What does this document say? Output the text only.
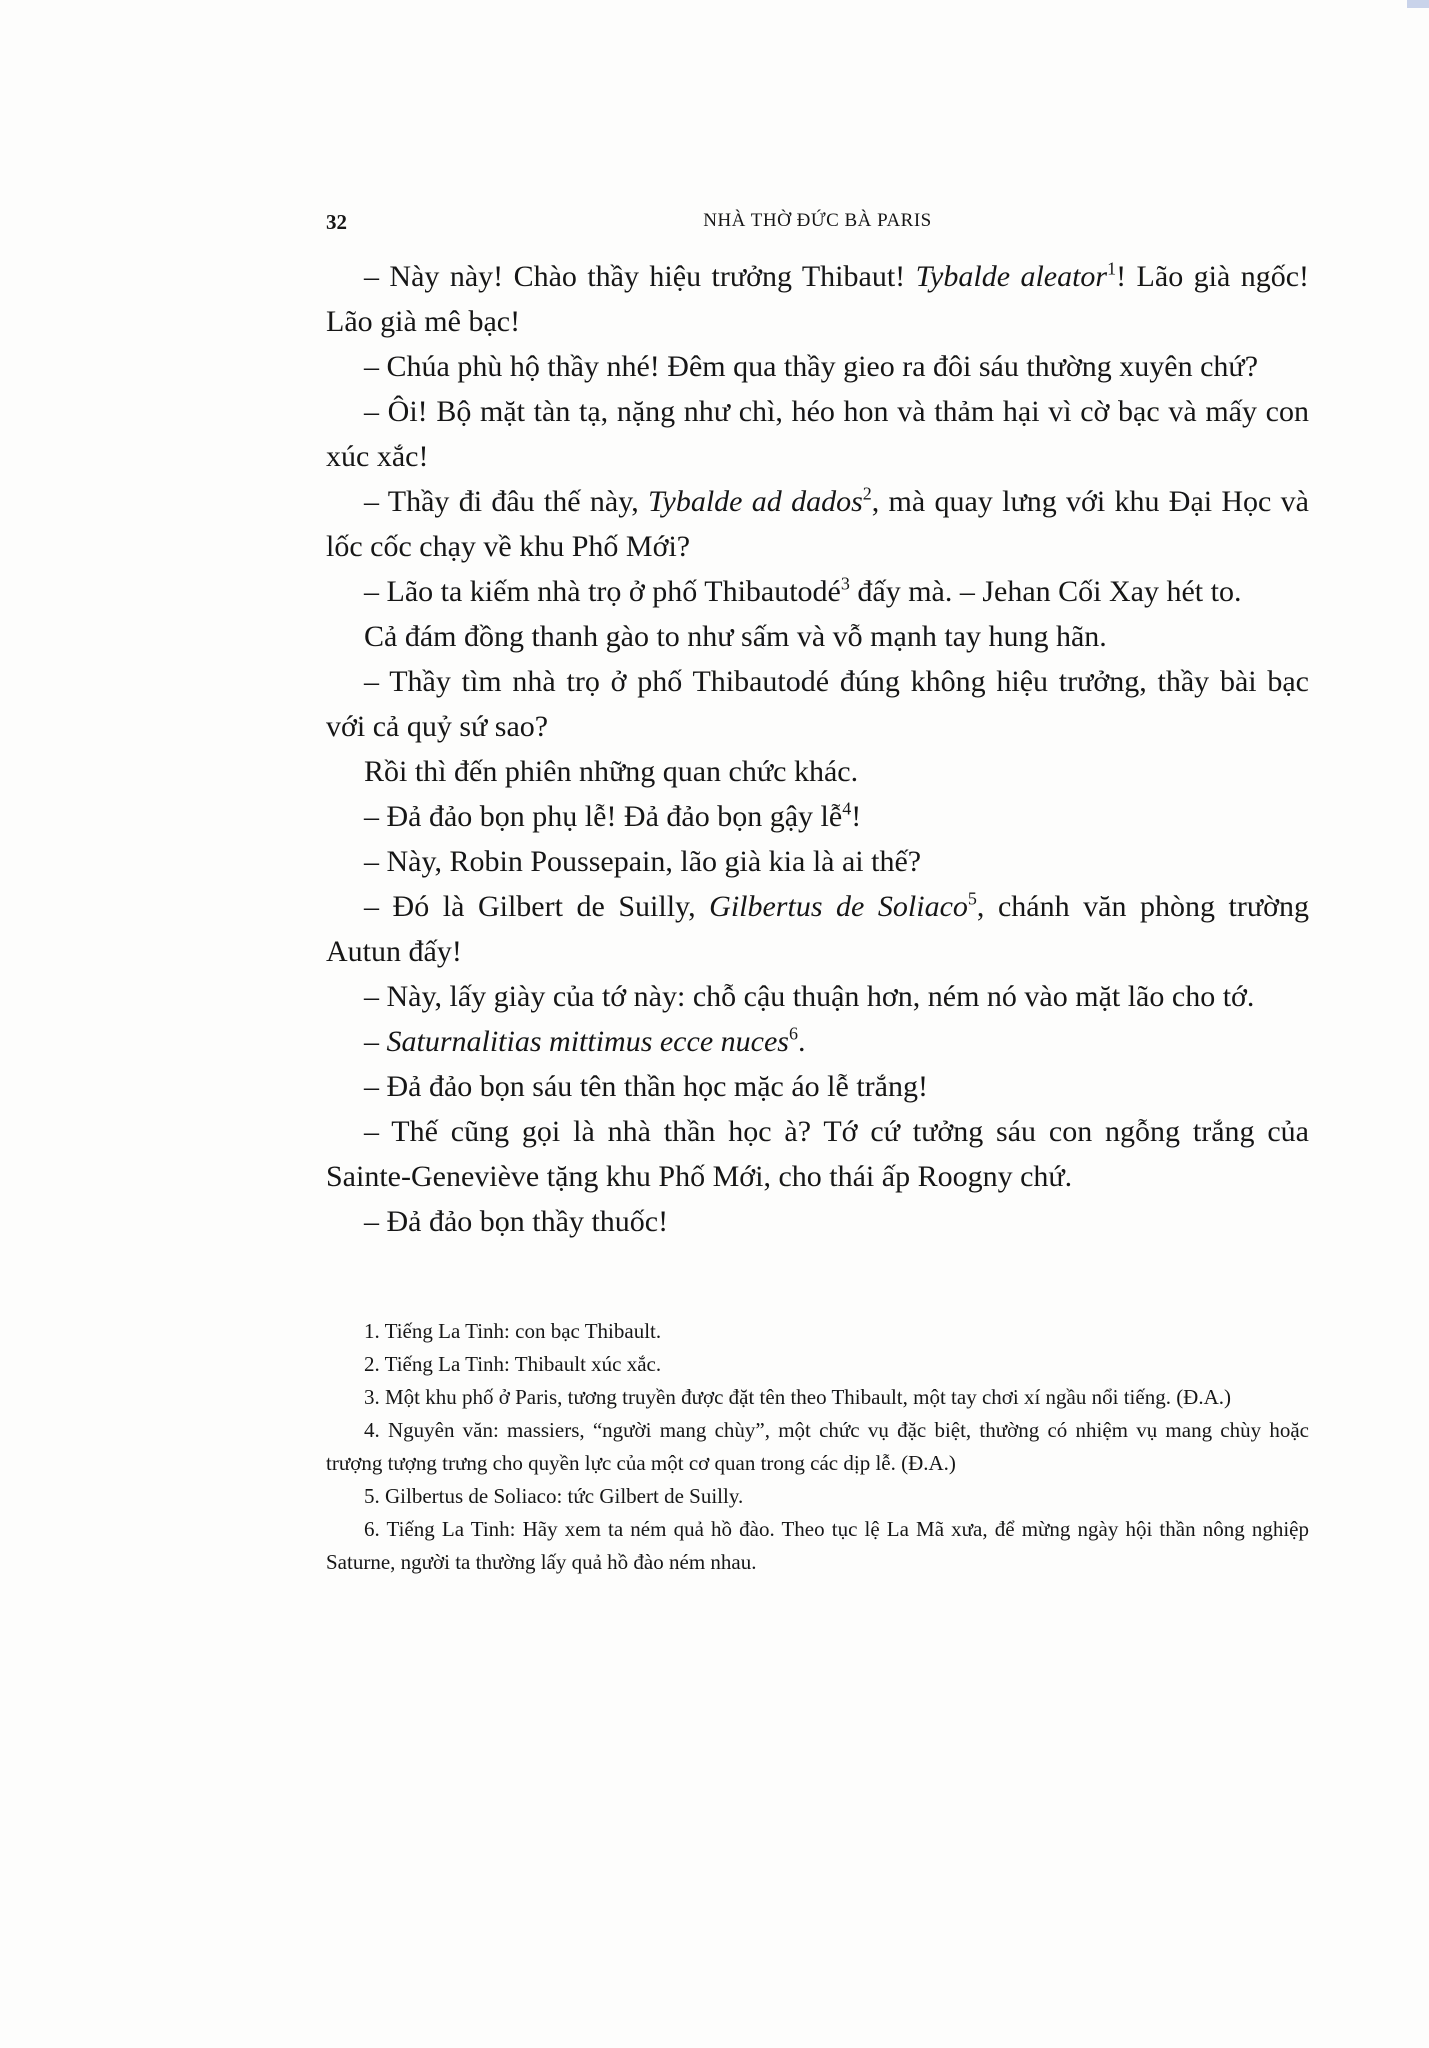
32	NHÀ THỜ ĐỨC BÀ PARIS

– Này này! Chào thầy hiệu trưởng Thibaut! Tybalde aleator$^1$! Lão già ngốc! Lão già mê bạc!

– Chúa phù hộ thầy nhé! Đêm qua thầy gieo ra đôi sáu thường xuyên chứ?

– Ôi! Bộ mặt tàn tạ, nặng như chì, héo hon và thảm hại vì cờ bạc và mấy con xúc xắc!

– Thầy đi đâu thế này, Tybalde ad dados$^2$, mà quay lưng với khu Đại Học và lốc cốc chạy về khu Phố Mới?

– Lão ta kiếm nhà trọ ở phố Thibautodé$^3$ đấy mà. – Jehan Cối Xay hét to.

Cả đám đồng thanh gào to như sấm và vỗ mạnh tay hung hãn.

– Thầy tìm nhà trọ ở phố Thibautodé đúng không hiệu trưởng, thầy bài bạc với cả quỷ sứ sao?

Rồi thì đến phiên những quan chức khác.

– Đả đảo bọn phụ lễ! Đả đảo bọn gậy lễ$^4$!

– Này, Robin Poussepain, lão già kia là ai thế?

– Đó là Gilbert de Suilly, Gilbertus de Soliaco$^5$, chánh văn phòng trường Autun đấy!

– Này, lấy giày của tớ này: chỗ cậu thuận hơn, ném nó vào mặt lão cho tớ.

– Saturnalitias mittimus ecce nuces$^6$.

– Đả đảo bọn sáu tên thần học mặc áo lễ trắng!

– Thế cũng gọi là nhà thần học à? Tớ cứ tưởng sáu con ngỗng trắng của Sainte-Geneviève tặng khu Phố Mới, cho thái ấp Roogny chứ.

– Đả đảo bọn thầy thuốc!

1. Tiếng La Tinh: con bạc Thibault.

2. Tiếng La Tinh: Thibault xúc xắc.

3. Một khu phố ở Paris, tương truyền được đặt tên theo Thibault, một tay chơi xí ngầu nổi tiếng. (Đ.A.)

4. Nguyên văn: massiers, “người mang chùy”, một chức vụ đặc biệt, thường có nhiệm vụ mang chùy hoặc trượng tượng trưng cho quyền lực của một cơ quan trong các dịp lễ. (Đ.A.)

5. Gilbertus de Soliaco: tức Gilbert de Suilly.

6. Tiếng La Tinh: Hãy xem ta ném quả hồ đào. Theo tục lệ La Mã xưa, để mừng ngày hội thần nông nghiệp Saturne, người ta thường lấy quả hồ đào ném nhau.
